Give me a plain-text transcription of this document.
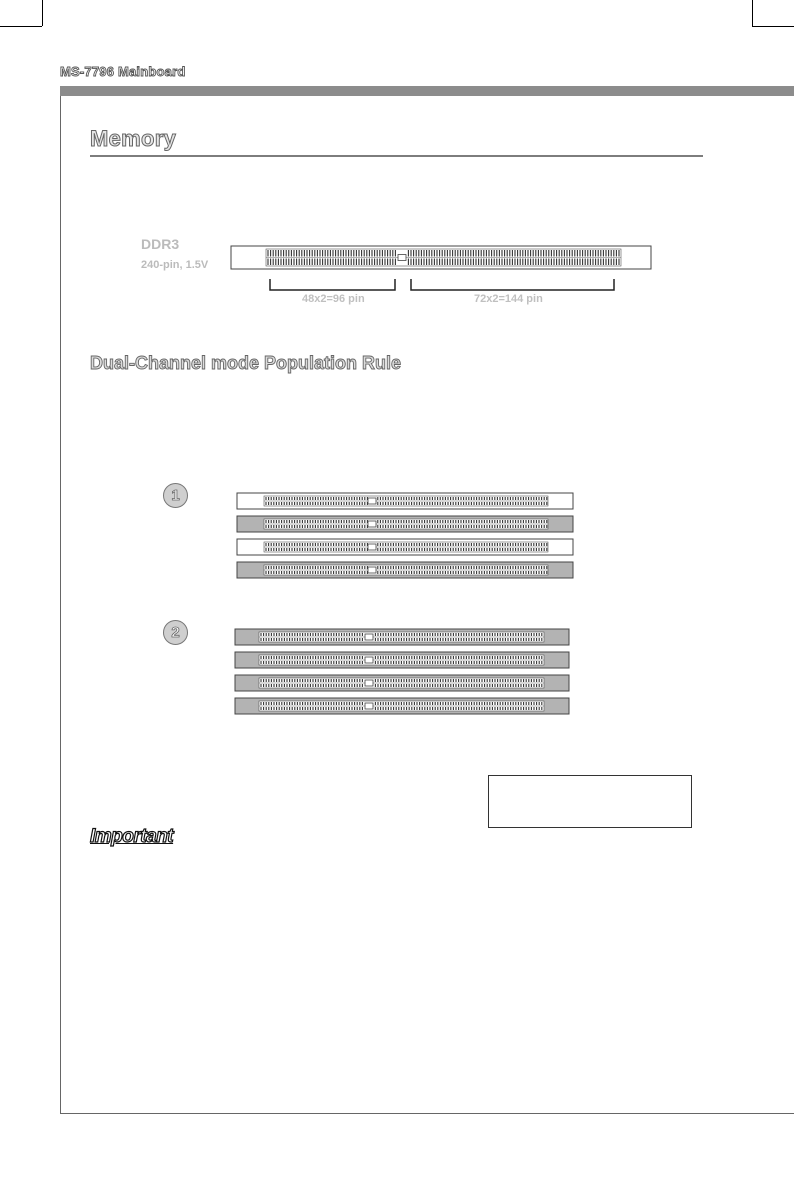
MS-7796 Mainboard
Memory
DDR3
240-pin, 1.5V
48x2=96 pin	72x2=144 pin
Dual-Channel mode Population Rule
1
2
Important
